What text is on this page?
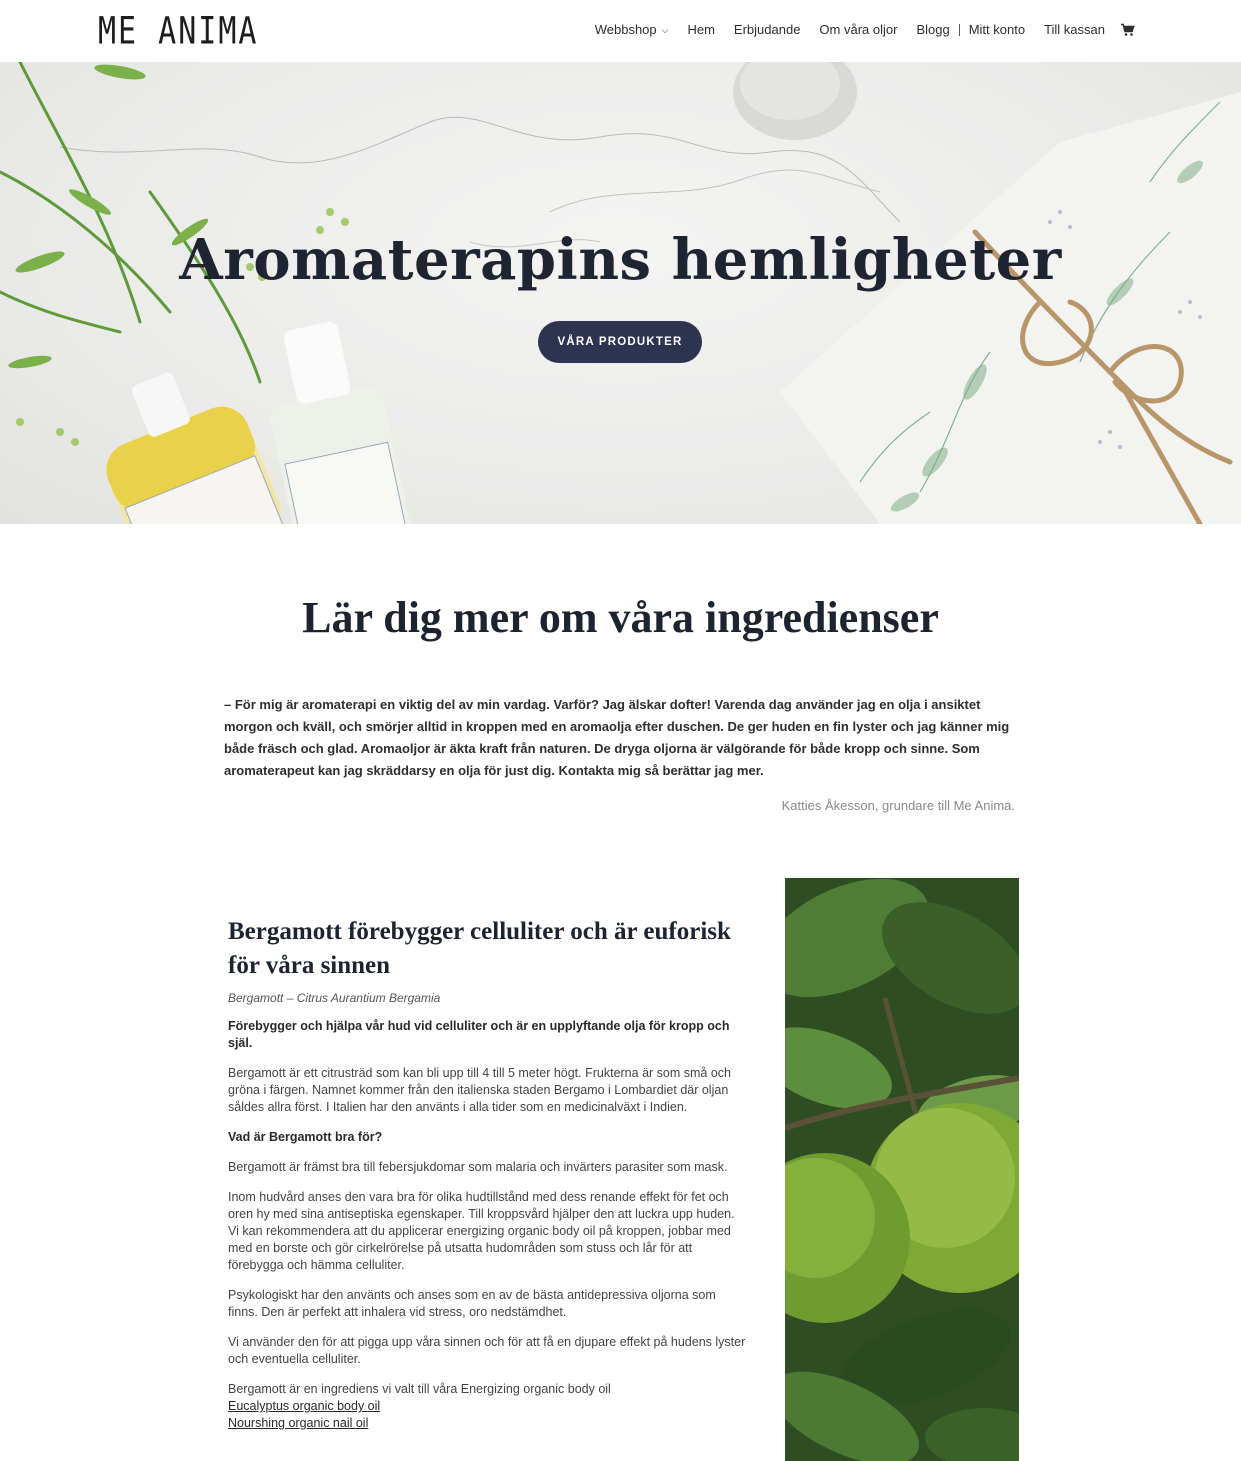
ME ANIMA	Webbshop ⌵ Hem Erbjudande Om våra oljor Blogg Mitt konto Till kassan
Aromaterapins hemligheter
VÅRA PRODUKTER
Lär dig mer om våra ingredienser

– För mig är aromaterapi en viktig del av min vardag. Varför? Jag älskar dofter! Varenda dag använder jag en olja i ansiktet morgon och kväll, och smörjer alltid in kroppen med en aromaolja efter duschen. De ger huden en fin lyster och jag känner mig både fräsch och glad. Aromaoljor är äkta kraft från naturen. De dryga oljorna är välgörande för både kropp och sinne. Som aromaterapeut kan jag skräddarsy en olja för just dig. Kontakta mig så berättar jag mer.

Katties Åkesson, grundare till Me Anima.

Bergamott förebygger celluliter och är euforisk för våra sinnen

Bergamott – Citrus Aurantium Bergamia

Förebygger och hjälpa vår hud vid celluliter och är en upplyftande olja för kropp och själ.

Bergamott är ett citrusträd som kan bli upp till 4 till 5 meter högt. Frukterna är som små och gröna i färgen. Namnet kommer från den italienska staden Bergamo i Lombardiet där oljan såldes allra först. I Italien har den använts i alla tider som en medicinalväxt i Indien.

Vad är Bergamott bra för?

Bergamott är främst bra till febersjukdomar som malaria och invärters parasiter som mask.

Inom hudvård anses den vara bra för olika hudtillstånd med dess renande effekt för fet och oren hy med sina antiseptiska egenskaper. Till kroppsvård hjälper den att luckra upp huden. Vi kan rekommendera att du applicerar energizing organic body oil på kroppen, jobbar med med en borste och gör cirkelrörelse på utsatta hudområden som stuss och lår för att förebygga och hämma celluliter.

Psykologiskt har den använts och anses som en av de bästa antidepressiva oljorna som finns. Den är perfekt att inhalera vid stress, oro nedstämdhet.

Vi använder den för att pigga upp våra sinnen och för att få en djupare effekt på hudens lyster och eventuella celluliter.

Bergamott är en ingrediens vi valt till våra Energizing organic body oil

Eucalyptus organic body oil
Nourshing organic nail oil
